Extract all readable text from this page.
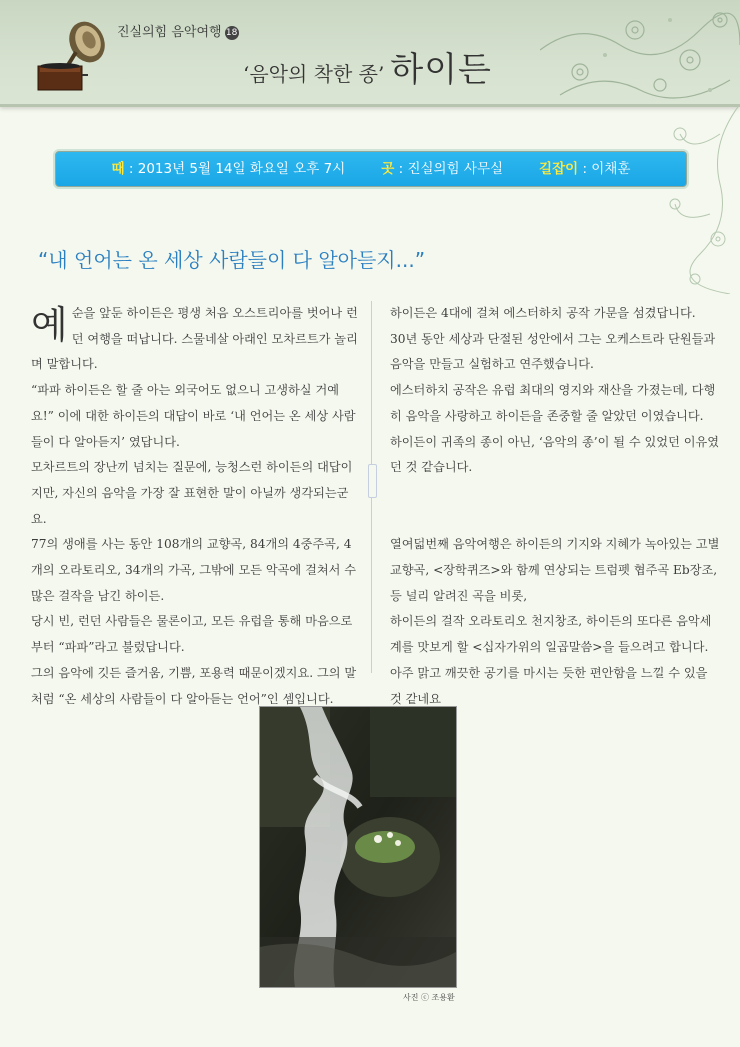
진실의힘 음악여행 18
‘음악의 착한 종’ 하이든
때 : 2013년 5월 14일 화요일 오후 7시	곳 : 진실의힘 사무실	길잡이 : 이채훈
“내 언어는 온 세상 사람들이 다 알아듣지...”

예순을 앞둔 하이든은 평생 처음 오스트리아를 벗어나 런던 여행을 떠납니다. 스물네살 아래인 모차르트가 놀리며 말합니다.

“파파 하이든은 할 줄 아는 외국어도 없으니 고생하실 거예요!” 이에 대한 하이든의 대답이 바로 ‘내 언어는 온 세상 사람들이 다 알아듣지’ 였답니다.

모차르트의 장난끼 넘치는 질문에, 능청스런 하이든의 대답이지만, 자신의 음악을 가장 잘 표현한 말이 아닐까 생각되는군요.

77의 생애를 사는 동안 108개의 교향곡, 84개의 4중주곡, 4개의 오라토리오, 34개의 가곡, 그밖에 모든 악곡에 걸쳐서 수많은 걸작을 남긴 하이든.

당시 빈, 런던 사람들은 물론이고, 모든 유럽을 통해 마음으로부터 “파파”라고 불렀답니다.

그의 음악에 깃든 즐거움, 기쁨, 포용력 때문이겠지요. 그의 말처럼 “온 세상의 사람들이 다 알아듣는 언어”인 셈입니다.

하이든은 4대에 걸쳐 에스터하치 공작 가문을 섬겼답니다.

30년 동안 세상과 단절된 성안에서 그는 오케스트라 단원들과 음악을 만들고 실험하고 연주했습니다.

에스터하치 공작은 유럽 최대의 영지와 재산을 가졌는데, 다행히 음악을 사랑하고 하이든을 존중할 줄 알았던 이였습니다.

하이든이 귀족의 종이 아닌, ‘음악의 종’이 될 수 있었던 이유였던 것 같습니다.

열여덟번째 음악여행은 하이든의 기지와 지혜가 녹아있는 고별 교향곡, <장학퀴즈>와 함께 연상되는 트럼펫 협주곡 Eb장조, 등 널리 알려진 곡을 비롯,

하이든의 걸작 오라토리오 천지창조, 하이든의 또다른 음악세계를 맛보게 할 <십자가위의 일곱말씀>을 들으려고 합니다.

아주 맑고 깨끗한 공기를 마시는 듯한 편안함을 느낄 수 있을 것 같네요

사진 ⓒ 조용환
